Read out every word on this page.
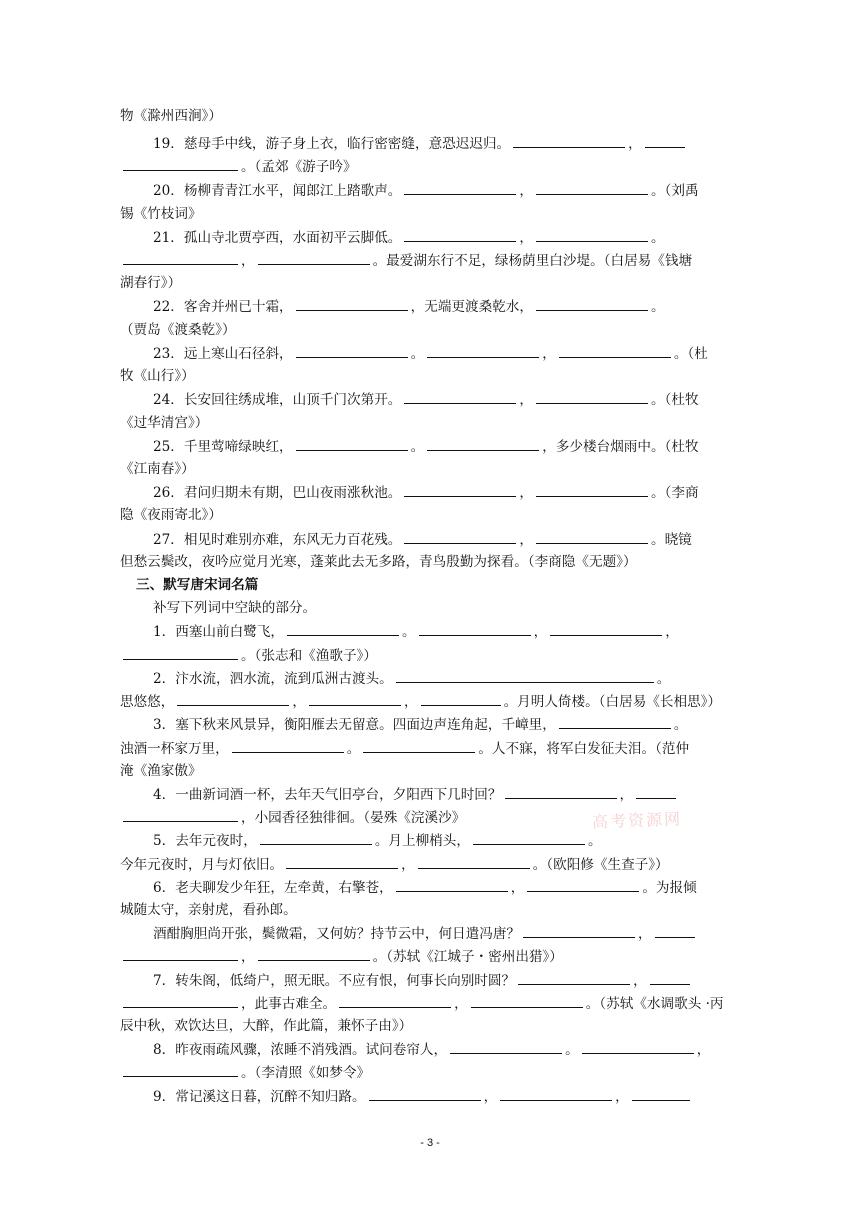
物《滁州西涧》）
19．慈母手中线，游子身上衣，临行密密缝，意恐迟迟归。	，
。（孟郊《游子吟》
20．杨柳青青江水平，闻郎江上踏歌声。	，	。（刘禹
锡《竹枝词》
21．孤山寺北贾亭西，水面初平云脚低。	，	。
，	。最爱湖东行不足，绿杨荫里白沙堤。（白居易《钱塘
湖春行》）
22．客舍并州已十霜，	，无端更渡桑乾水，	。
（贾岛《渡桑乾》）
23．远上寒山石径斜，	。	，	。（杜
牧《山行》）
24．长安回往绣成堆，山顶千门次第开。	，	。（杜牧
《过华清宫》）
25．千里莺啼绿映红，	。	，多少楼台烟雨中。（杜牧
《江南春》）
26．君问归期未有期，巴山夜雨涨秋池。	，	。（李商
隐《夜雨寄北》）
27．相见时难别亦难，东风无力百花残。	，	。晓镜
但愁云鬓改，夜吟应觉月光寒，蓬莱此去无多路，青鸟殷勤为探看。（李商隐《无题》）
三、默写唐宋词名篇
补写下列词中空缺的部分。
1．西塞山前白鹭飞，	。	，	，
。（张志和《渔歌子》）
2．汴水流，泗水流，流到瓜洲古渡头。	。
思悠悠，	，	，	。月明人倚楼。（白居易《长相思》）
3．塞下秋来风景异，衡阳雁去无留意。四面边声连角起，千嶂里，	。
浊酒一杯家万里，	。	。人不寐，将军白发征夫泪。（范仲
淹《渔家傲》
4．一曲新词酒一杯，去年天气旧亭台，夕阳西下几时回？	，
，小园香径独徘徊。（晏殊《浣溪沙》
5．去年元夜时，	。月上柳梢头，	。
今年元夜时，月与灯依旧。	，	。（欧阳修《生查子》）
6．老夫聊发少年狂，左牵黄，右擎苍，	，	。为报倾
城随太守，亲射虎，看孙郎。
酒酣胸胆尚开张，鬓微霜，又何妨？持节云中，何日遣冯唐？	，
，	。（苏轼《江城子・密州出猎》）
7．转朱阁，低绮户，照无眠。不应有恨，何事长向别时圆？	，
，此事古难全。	，	。（苏轼《水调歌头 ·丙
辰中秋，欢饮达旦，大醉，作此篇，兼怀子由》）
8．昨夜雨疏风骤，浓睡不消残酒。试问卷帘人，	。	，
。（李清照《如梦令》
9．常记溪这日暮，沉醉不知归路。	，	，
高考资源网
- 3 -
